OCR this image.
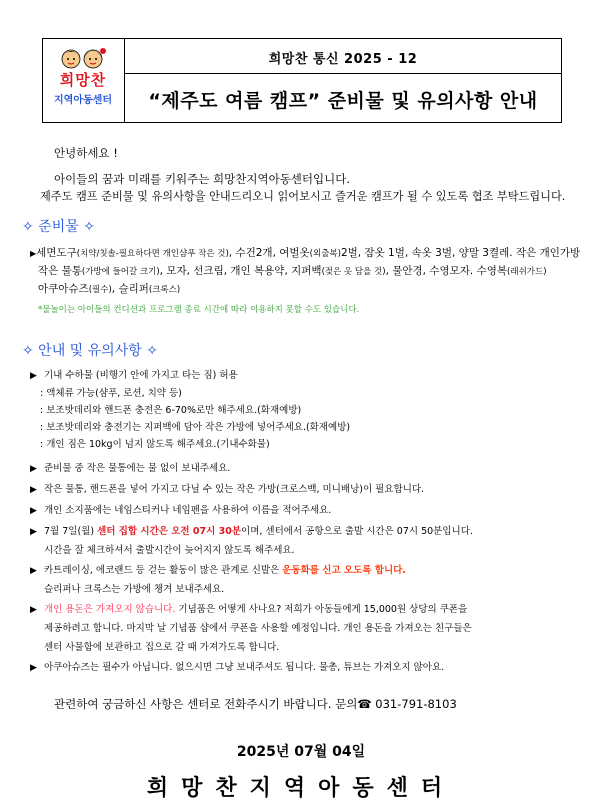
희망찬
지역아동센터
희망찬 통신 2025 - 12
“제주도 여름 캠프” 준비물 및 유의사항 안내
안녕하세요 !
아이들의 꿈과 미래를 키워주는 희망찬지역아동센터입니다.
제주도 캠프 준비물 및 유의사항을 안내드리오니 읽어보시고 즐거운 캠프가 될 수 있도록 협조 부탁드립니다.
✧ 준비물 ✧
▶세면도구(치약/칫솔-필요하다면 개인샴푸 작은 것), 수건2개, 여벌옷(외출복)2벌, 잠옷 1벌, 속옷 3벌, 양말 3켤레. 작은 개인가방
작은 물통(가방에 들어갈 크기), 모자, 선크림, 개인 복용약, 지퍼백(젖은 옷 담을 것), 물안경, 수영모자. 수영복(래쉬가드)
아쿠아슈즈(필수), 슬리퍼(크록스)
*물놀이는 아이들의 컨디션과 프로그램 종료 시간에 따라 이용하지 못할 수도 있습니다.
✧ 안내 및 유의사항 ✧
▶ 기내 수하물 (비행기 안에 가지고 타는 짐) 허용
: 액체류 가능(샴푸, 로션, 치약 등)
: 보조밧데리와 핸드폰 충전은 6-70%로만 해주세요.(화재예방)
: 보조밧데리와 충전기는 지퍼백에 담아 작은 가방에 넣어주세요.(화재예방)
: 개인 짐은 10kg이 넘지 않도록 해주세요.(기내수화물)
▶ 준비물 중 작은 물통에는 물 없이 보내주세요.
▶ 작은 물통, 핸드폰을 넣어 가지고 다닐 수 있는 작은 가방(크로스백, 미니배낭)이 필요합니다.
▶ 개인 소지품에는 네임스티커나 네임펜을 사용하여 이름을 적어주세요.
▶ 7월 7일(월) 센터 집합 시간은 오전 07시 30분이며, 센터에서 공항으로 출발 시간은 07시 50분입니다.
시간을 잘 체크하셔서 출발시간이 늦어지지 않도록 해주세요.
▶ 카트레이싱, 에코랜드 등 걷는 활동이 많은 관계로 신발은 운동화를 신고 오도록 합니다.
슬리퍼나 크록스는 가방에 챙겨 보내주세요.
▶ 개인 용돈은 가져오지 않습니다. 기념품은 어떻게 사나요? 저희가 아동들에게 15,000원 상당의 쿠폰을
제공하려고 합니다. 마지막 날 기념품 샵에서 쿠폰을 사용할 예정입니다. 개인 용돈을 가져오는 친구들은
센터 사물함에 보관하고 집으로 갈 때 가져가도록 합니다.
▶ 아쿠아슈즈는 필수가 아닙니다. 없으시면 그냥 보내주셔도 됩니다. 물총, 튜브는 가져오지 않아요.
관련하여 궁금하신 사항은 센터로 전화주시기 바랍니다. 문의☎ 031-791-8103
2025년 07월 04일
희망찬지역아동센터
